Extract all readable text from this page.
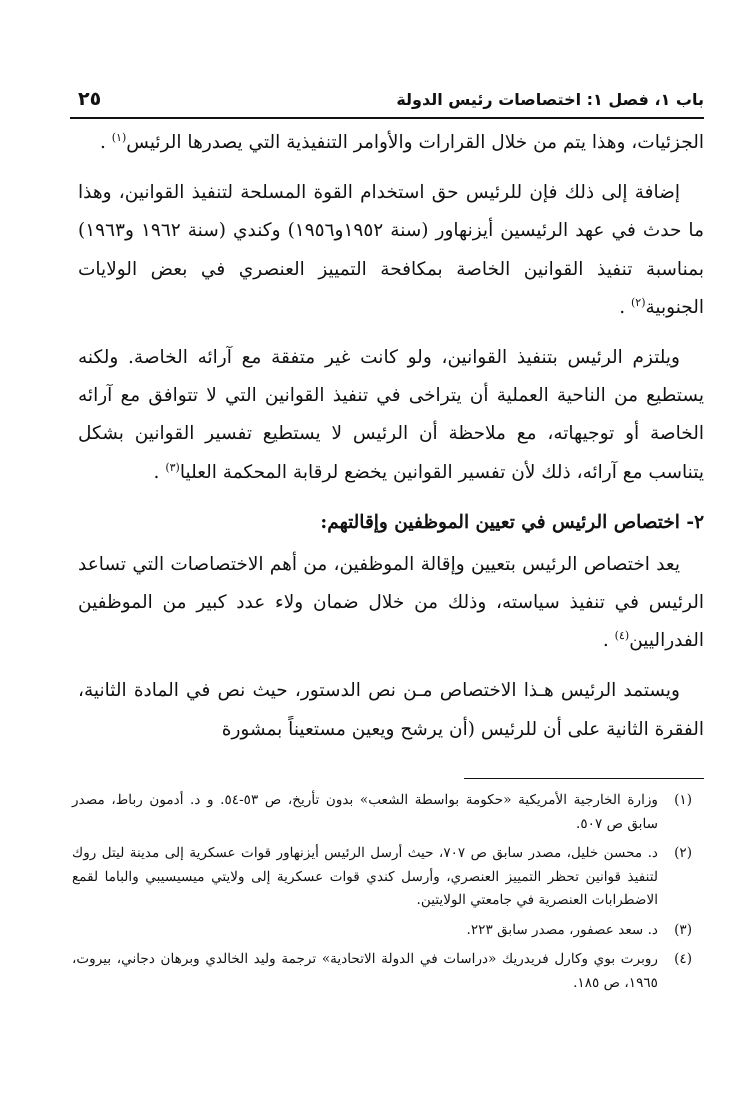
باب ١، فصل ١: اختصاصات رئيس الدولة
٢٥

الجزئيات، وهذا يتم من خلال القرارات والأوامر التنفيذية التي يصدرها الرئيس$^{(١)}$ .

إضافة إلى ذلك فإن للرئيس حق استخدام القوة المسلحة لتنفيذ القوانين، وهذا ما حدث في عهد الرئيسين أيزنهاور (سنة ١٩٥٢و١٩٥٦) وكندي (سنة ١٩٦٢ و١٩٦٣) بمناسبة تنفيذ القوانين الخاصة بمكافحة التمييز العنصري في بعض الولايات الجنوبية$^{(٢)}$ .

ويلتزم الرئيس بتنفيذ القوانين، ولو كانت غير متفقة مع آرائه الخاصة. ولكنه يستطيع من الناحية العملية أن يتراخى في تنفيذ القوانين التي لا تتوافق مع آرائه الخاصة أو توجيهاته، مع ملاحظة أن الرئيس لا يستطيع تفسير القوانين بشكل يتناسب مع آرائه، ذلك لأن تفسير القوانين يخضع لرقابة المحكمة العليا$^{(٣)}$ .

٢- اختصاص الرئيس في تعيين الموظفين وإقالتهم:

يعد اختصاص الرئيس بتعيين وإقالة الموظفين، من أهم الاختصاصات التي تساعد الرئيس في تنفيذ سياسته، وذلك من خلال ضمان ولاء عدد كبير من الموظفين الفدراليين$^{(٤)}$ .

ويستمد الرئيس هـذا الاختصاص مـن نص الدستور، حيث نص في المادة الثانية، الفقرة الثانية على أن للرئيس (أن يرشح ويعين مستعيناً بمشورة

(١)
وزارة الخارجية الأمريكية «حكومة بواسطة الشعب» بدون تأريخ، ص ٥٣-٥٤. و د. أدمون رباط، مصدر سابق ص ٥٠٧.
(٢)
د. محسن خليل، مصدر سابق ص ٧٠٧، حيث أرسل الرئيس أيزنهاور قوات عسكرية إلى مدينة ليتل روك لتنفيذ قوانين تحظر التمييز العنصري، وأرسل كندي قوات عسكرية إلى ولايتي ميسيسيبي والباما لقمع الاضطرابات العنصرية في جامعتي الولايتين.
(٣)
د. سعد عصفور، مصدر سابق ٢٢٣.
(٤)
روبرت بوي وكارل فريدريك «دراسات في الدولة الاتحادية» ترجمة وليد الخالدي وبرهان دجاني، بيروت، ١٩٦٥، ص ١٨٥.
